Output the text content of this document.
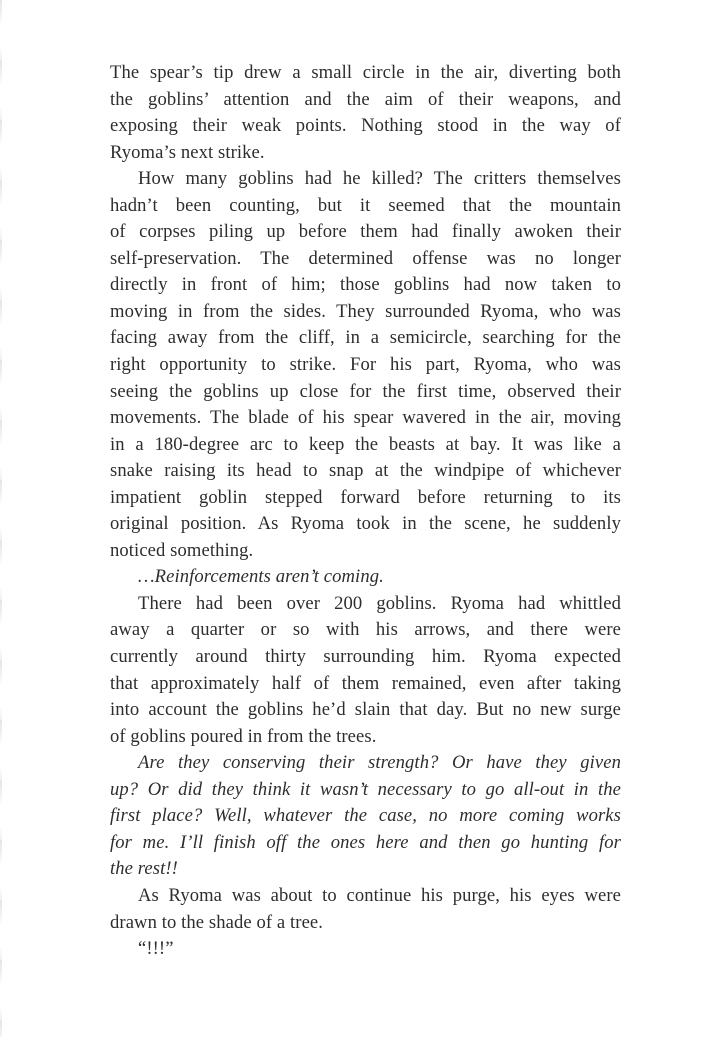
The spear’s tip drew a small circle in the air, diverting both
the goblins’ attention and the aim of their weapons, and
exposing their weak points. Nothing stood in the way of
Ryoma’s next strike.
How many goblins had he killed? The critters themselves
hadn’t been counting, but it seemed that the mountain
of corpses piling up before them had finally awoken their
self-preservation. The determined offense was no longer
directly in front of him; those goblins had now taken to
moving in from the sides. They surrounded Ryoma, who was
facing away from the cliff, in a semicircle, searching for the
right opportunity to strike. For his part, Ryoma, who was
seeing the goblins up close for the first time, observed their
movements. The blade of his spear wavered in the air, moving
in a 180-degree arc to keep the beasts at bay. It was like a
snake raising its head to snap at the windpipe of whichever
impatient goblin stepped forward before returning to its
original position. As Ryoma took in the scene, he suddenly
noticed something.
…Reinforcements aren’t coming.
There had been over 200 goblins. Ryoma had whittled
away a quarter or so with his arrows, and there were
currently around thirty surrounding him. Ryoma expected
that approximately half of them remained, even after taking
into account the goblins he’d slain that day. But no new surge
of goblins poured in from the trees.
Are they conserving their strength? Or have they given
up? Or did they think it wasn’t necessary to go all-out in the
first place? Well, whatever the case, no more coming works
for me. I’ll finish off the ones here and then go hunting for
the rest!!
As Ryoma was about to continue his purge, his eyes were
drawn to the shade of a tree.
“!!!”
